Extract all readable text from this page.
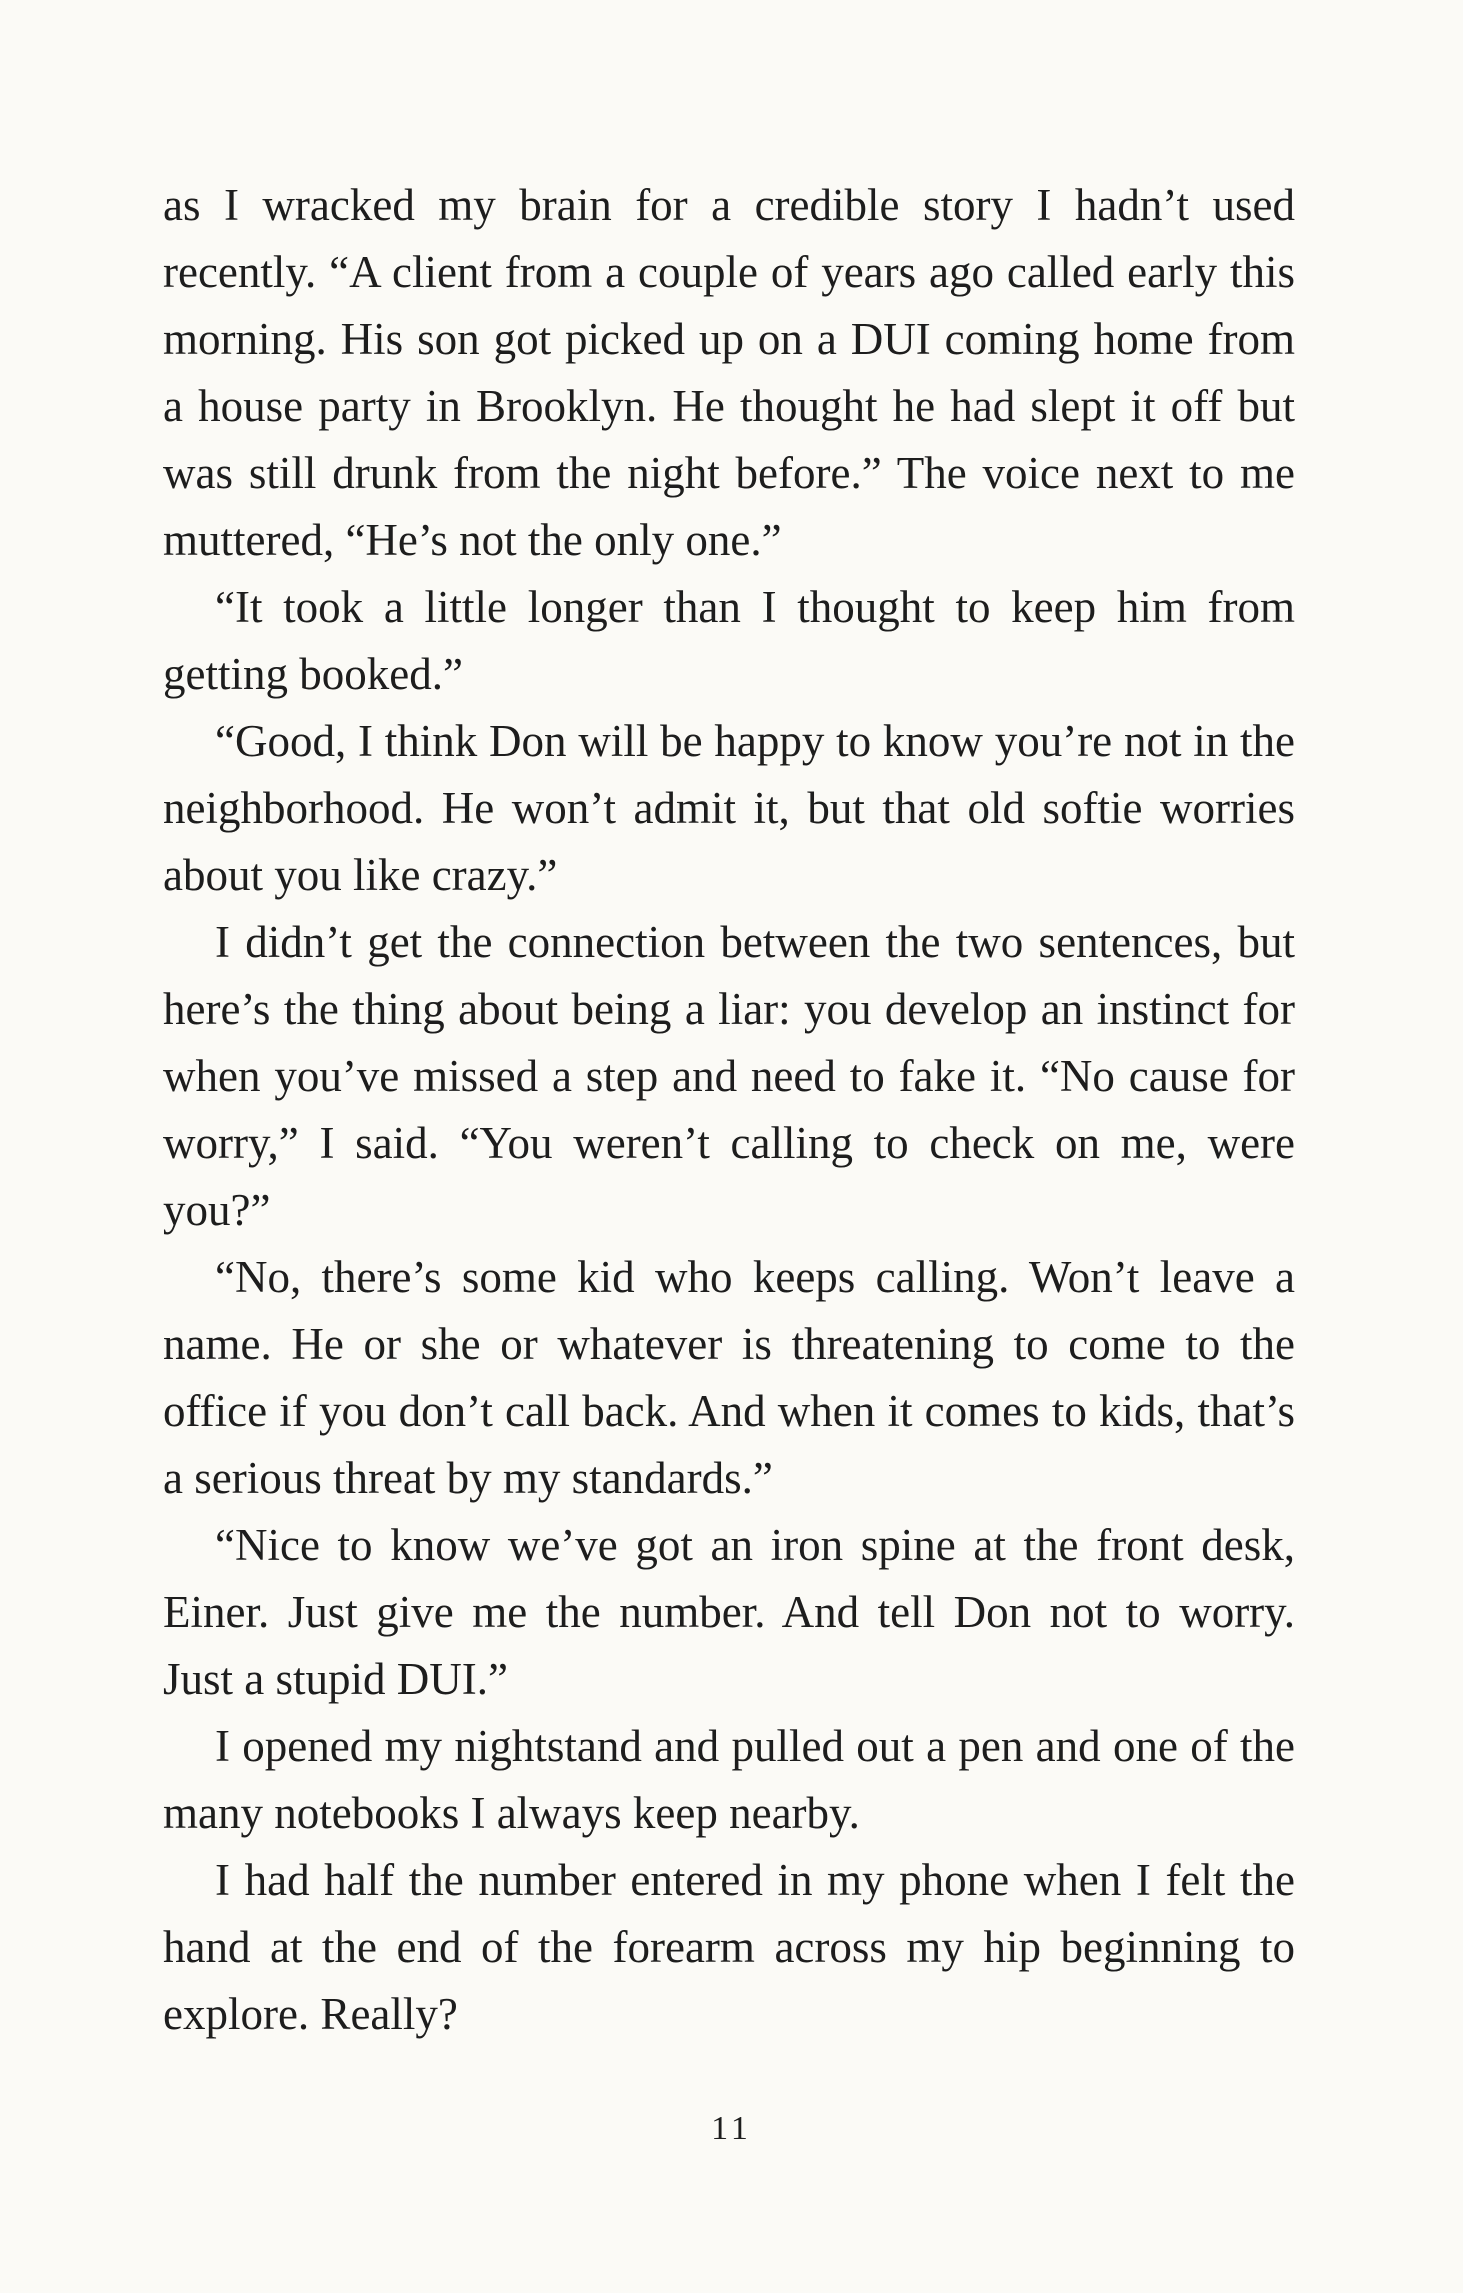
as I wracked my brain for a credible story I hadn’t used recently. “A client from a couple of years ago called early this morning. His son got picked up on a DUI coming home from a house party in Brooklyn. He thought he had slept it off but was still drunk from the night before.” The voice next to me muttered, “He’s not the only one.”

“It took a little longer than I thought to keep him from getting booked.”

“Good, I think Don will be happy to know you’re not in the neighborhood. He won’t admit it, but that old softie worries about you like crazy.”

I didn’t get the connection between the two sentences, but here’s the thing about being a liar: you develop an instinct for when you’ve missed a step and need to fake it. “No cause for worry,” I said. “You weren’t calling to check on me, were you?”

“No, there’s some kid who keeps calling. Won’t leave a name. He or she or whatever is threatening to come to the office if you don’t call back. And when it comes to kids, that’s a serious threat by my standards.”

“Nice to know we’ve got an iron spine at the front desk, Einer. Just give me the number. And tell Don not to worry. Just a stupid DUI.”

I opened my nightstand and pulled out a pen and one of the many notebooks I always keep nearby.

I had half the number entered in my phone when I felt the hand at the end of the forearm across my hip beginning to explore. Really?

11
